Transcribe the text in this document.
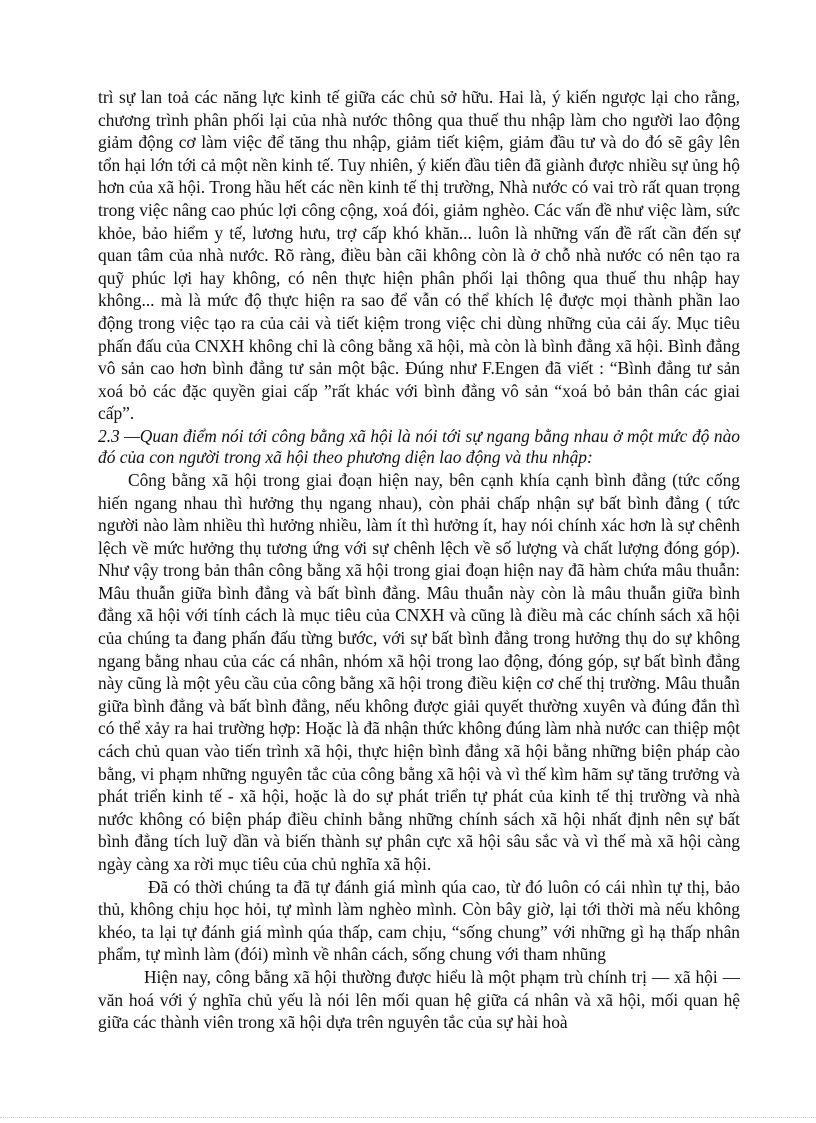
trì sự lan toả các năng lực kinh tế giữa các chủ sở hữu. Hai là, ý kiến ngược lại cho rằng, chương trình phân phối lại của nhà nước thông qua thuế thu nhập làm cho người lao động giảm động cơ làm việc để tăng thu nhập, giảm tiết kiệm, giảm đầu tư và do đó sẽ gây lên tổn hại lớn tới cả một nền kinh tế. Tuy nhiên, ý kiến đầu tiên đã giành được nhiều sự ủng hộ hơn của xã hội. Trong hầu hết các nền kinh tế thị trường, Nhà nước có vai trò rất quan trọng trong việc nâng cao phúc lợi công cộng, xoá đói, giảm nghèo. Các vấn đề như việc làm, sức khỏe, bảo hiểm y tế, lương hưu, trợ cấp khó khăn... luôn là những vấn đề rất cần đến sự quan tâm của nhà nước. Rõ ràng, điều bàn cãi không còn là ở chỗ nhà nước có nên tạo ra quỹ phúc lợi hay không, có nên thực hiện phân phối lại thông qua thuế thu nhập hay không... mà là mức độ thực hiện ra sao để vẫn có thể khích lệ được mọi thành phần lao động trong việc tạo ra của cải và tiết kiệm trong việc chi dùng những của cải ấy. Mục tiêu phấn đấu của CNXH không chỉ là công bằng xã hội, mà còn là bình đẳng xã hội. Bình đẳng vô sản cao hơn bình đẳng tư sản một bậc. Đúng như F.Engen đã viết : “Bình đẳng tư sản xoá bỏ các đặc quyền giai cấp ”rất khác với bình đẳng vô sản “xoá bỏ bản thân các giai cấp”.

2.3 —Quan điểm nói tới công bằng xã hội là nói tới sự ngang bằng nhau ở một mức độ nào đó của con người trong xã hội theo phương diện lao động và thu nhập:

Công bằng xã hội trong giai đoạn hiện nay, bên cạnh khía cạnh bình đẳng (tức cống hiến ngang nhau thì hưởng thụ ngang nhau), còn phải chấp nhận sự bất bình đẳng ( tức người nào làm nhiều thì hưởng nhiều, làm ít thì hưởng ít, hay nói chính xác hơn là sự chênh lệch về mức hưởng thụ tương ứng với sự chênh lệch về số lượng và chất lượng đóng góp). Như vậy trong bản thân công bằng xã hội trong giai đoạn hiện nay đã hàm chứa mâu thuẫn: Mâu thuẫn giữa bình đẳng và bất bình đẳng. Mâu thuẫn này còn là mâu thuẫn giữa bình đẳng xã hội với tính cách là mục tiêu của CNXH và cũng là điều mà các chính sách xã hội của chúng ta đang phấn đấu từng bước, với sự bất bình đẳng trong hưởng thụ do sự không ngang bằng nhau của các cá nhân, nhóm xã hội trong lao động, đóng góp, sự bất bình đẳng này cũng là một yêu cầu của công bằng xã hội trong điều kiện cơ chế thị trường. Mâu thuẫn giữa bình đẳng và bất bình đẳng, nếu không được giải quyết thường xuyên và đúng đắn thì có thể xảy ra hai trường hợp: Hoặc là đã nhận thức không đúng làm nhà nước can thiệp một cách chủ quan vào tiến trình xã hội, thực hiện bình đẳng xã hội bằng những biện pháp cào bằng, vi phạm những nguyên tắc của công bằng xã hội và vì thế kìm hãm sự tăng trưởng và phát triển kinh tế - xã hội, hoặc là do sự phát triển tự phát của kinh tế thị trường và nhà nước không có biện pháp điều chỉnh bằng những chính sách xã hội nhất định nên sự bất bình đẳng tích luỹ dần và biến thành sự phân cực xã hội sâu sắc và vì thế mà xã hội càng ngày càng xa rời mục tiêu của chủ nghĩa xã hội.

Đã có thời chúng ta đã tự đánh giá mình qúa cao, từ đó luôn có cái nhìn tự thị, bảo thủ, không chịu học hỏi, tự mình làm nghèo mình. Còn bây giờ, lại tới thời mà nếu không khéo, ta lại tự đánh giá mình qúa thấp, cam chịu, “sống chung” với những gì hạ thấp nhân phẩm, tự mình làm (đói) mình về nhân cách, sống chung với tham nhũng

Hiện nay, công bằng xã hội thường được hiểu là một phạm trù chính trị — xã hội — văn hoá với ý nghĩa chủ yếu là nói lên mối quan hệ giữa cá nhân và xã hội, mối quan hệ giữa các thành viên trong xã hội dựa trên nguyên tắc của sự hài hoà
